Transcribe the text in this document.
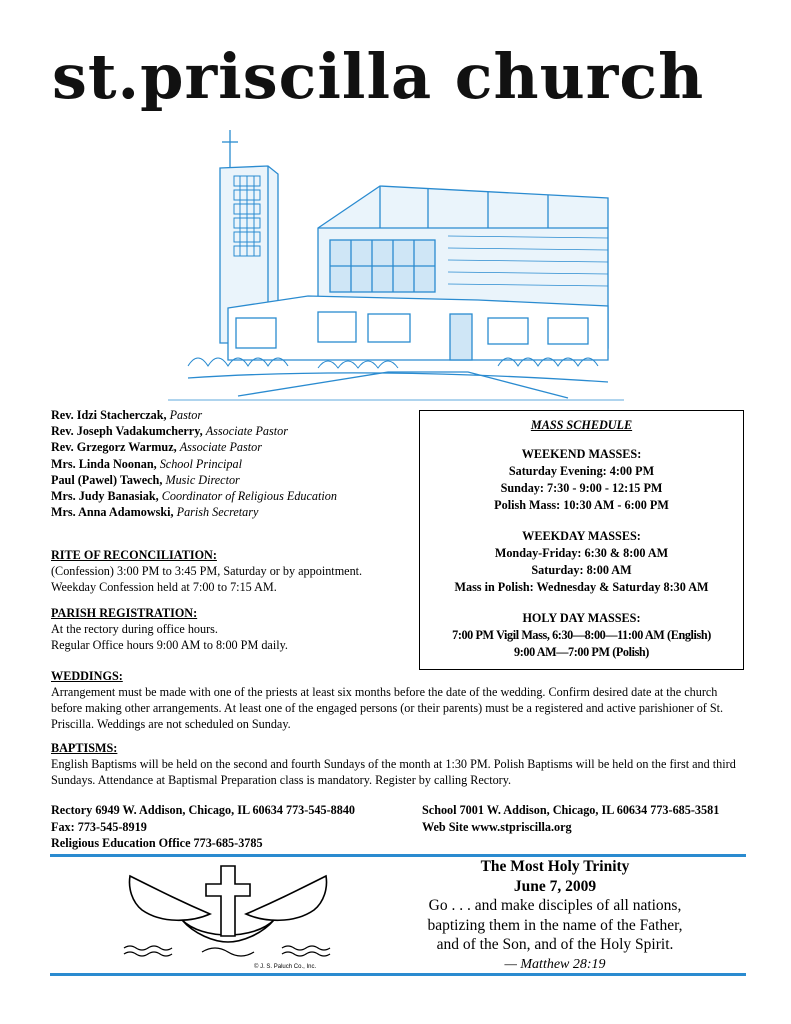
st.priscilla church
Rev. Idzi Stacherczak, Pastor
Rev. Joseph Vadakumcherry, Associate Pastor
Rev. Grzegorz Warmuz, Associate Pastor
Mrs. Linda Noonan, School Principal
Paul (Pawel) Tawech, Music Director
Mrs. Judy Banasiak, Coordinator of Religious Education
Mrs. Anna Adamowski, Parish Secretary
RITE OF RECONCILIATION:
(Confession) 3:00 PM to 3:45 PM, Saturday or by appointment.
Weekday Confession held at 7:00 to 7:15 AM.
PARISH REGISTRATION:
At the rectory during office hours.
Regular Office hours 9:00 AM to 8:00 PM daily.
MASS SCHEDULE
WEEKEND MASSES:
Saturday Evening: 4:00 PM
Sunday: 7:30 - 9:00 - 12:15 PM
Polish Mass: 10:30 AM - 6:00 PM
WEEKDAY MASSES:
Monday-Friday: 6:30 & 8:00 AM
Saturday: 8:00 AM
Mass in Polish: Wednesday & Saturday 8:30 AM
HOLY DAY MASSES:
7:00 PM Vigil Mass, 6:30—8:00—11:00 AM (English)
9:00 AM—7:00 PM (Polish)
WEDDINGS:
Arrangement must be made with one of the priests at least six months before the date of the wedding. Confirm desired date at the church before making other arrangements. At least one of the engaged persons (or their parents) must be a registered and active parishioner of St. Priscilla. Weddings are not scheduled on Sunday.
BAPTISMS:
English Baptisms will be held on the second and fourth Sundays of the month at 1:30 PM. Polish Baptisms will be held on the first and third Sundays. Attendance at Baptismal Preparation class is mandatory. Register by calling Rectory.
Rectory 6949 W. Addison, Chicago, IL 60634 773-545-8840
Fax: 773-545-8919
Religious Education Office 773-685-3785
School 7001 W. Addison, Chicago, IL 60634 773-685-3581
Web Site www.stpriscilla.org
© J. S. Paluch Co., Inc.
The Most Holy Trinity
June 7, 2009
Go . . . and make disciples of all nations,
baptizing them in the name of the Father,
and of the Son, and of the Holy Spirit.
— Matthew 28:19
